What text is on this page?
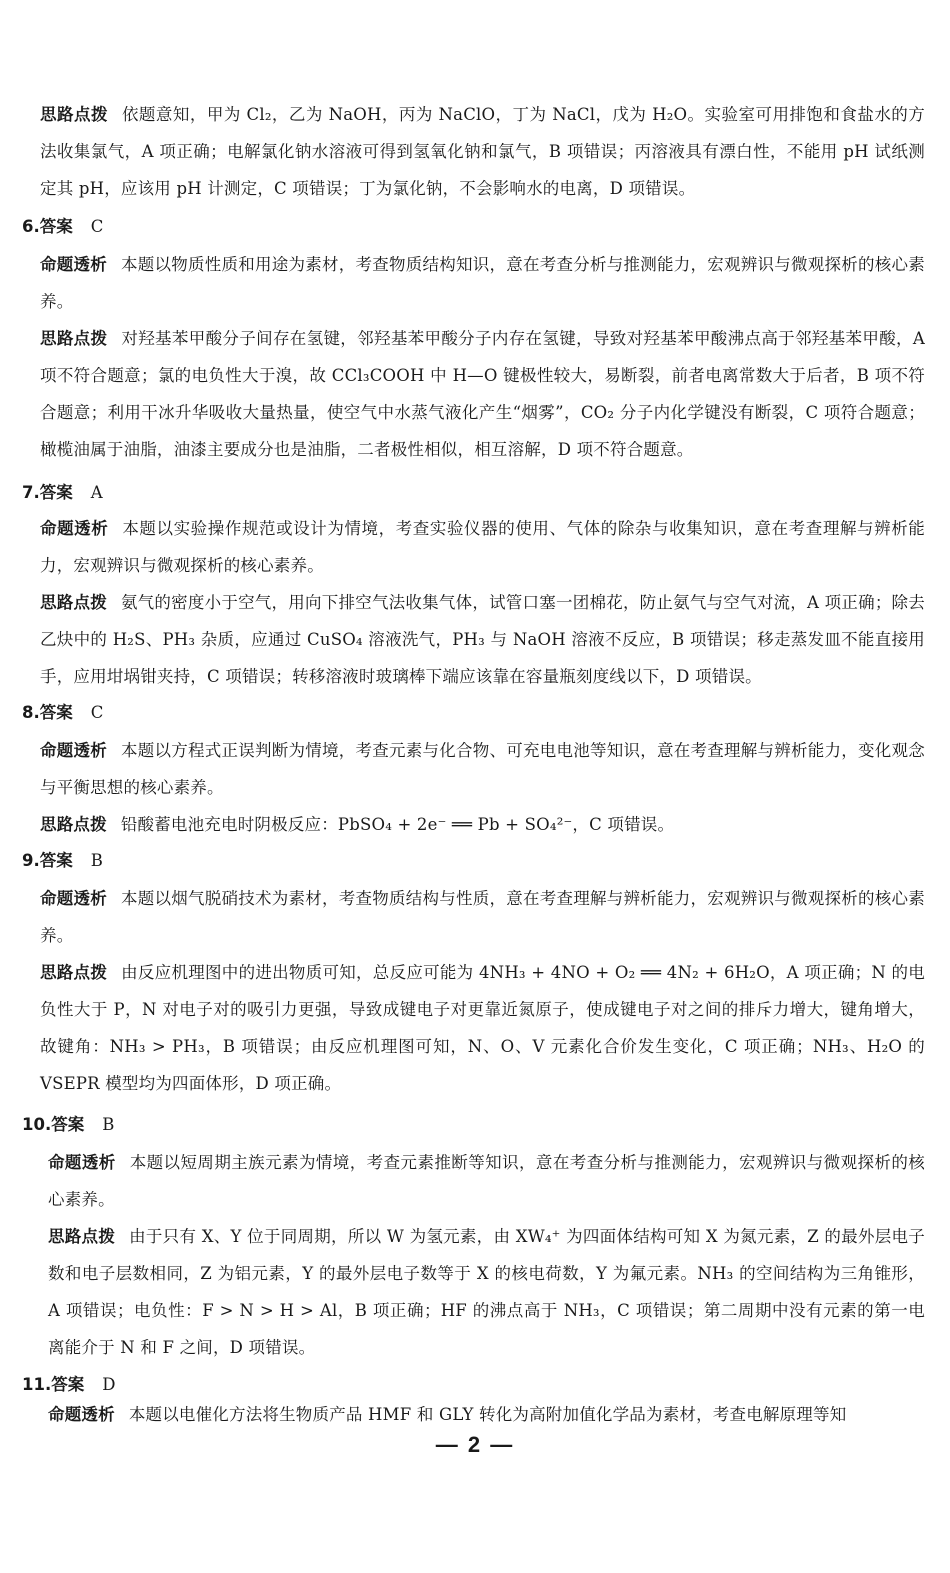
思路点拨 依题意知，甲为 Cl₂，乙为 NaOH，丙为 NaClO，丁为 NaCl，戊为 H₂O。实验室可用排饱和食盐水的方法收集氯气，A 项正确；电解氯化钠水溶液可得到氢氧化钠和氯气，B 项错误；丙溶液具有漂白性，不能用 pH 试纸测定其 pH，应该用 pH 计测定，C 项错误；丁为氯化钠，不会影响水的电离，D 项错误。

6.答案 C

命题透析 本题以物质性质和用途为素材，考查物质结构知识，意在考查分析与推测能力，宏观辨识与微观探析的核心素养。

思路点拨 对羟基苯甲酸分子间存在氢键，邻羟基苯甲酸分子内存在氢键，导致对羟基苯甲酸沸点高于邻羟基苯甲酸，A 项不符合题意；氯的电负性大于溴，故 CCl₃COOH 中 H—O 键极性较大，易断裂，前者电离常数大于后者，B 项不符合题意；利用干冰升华吸收大量热量，使空气中水蒸气液化产生“烟雾”，CO₂ 分子内化学键没有断裂，C 项符合题意；橄榄油属于油脂，油漆主要成分也是油脂，二者极性相似，相互溶解，D 项不符合题意。

7.答案 A

命题透析 本题以实验操作规范或设计为情境，考查实验仪器的使用、气体的除杂与收集知识，意在考查理解与辨析能力，宏观辨识与微观探析的核心素养。

思路点拨 氨气的密度小于空气，用向下排空气法收集气体，试管口塞一团棉花，防止氨气与空气对流，A 项正确；除去乙炔中的 H₂S、PH₃ 杂质，应通过 CuSO₄ 溶液洗气，PH₃ 与 NaOH 溶液不反应，B 项错误；移走蒸发皿不能直接用手，应用坩埚钳夹持，C 项错误；转移溶液时玻璃棒下端应该靠在容量瓶刻度线以下，D 项错误。

8.答案 C

命题透析 本题以方程式正误判断为情境，考查元素与化合物、可充电电池等知识，意在考查理解与辨析能力，变化观念与平衡思想的核心素养。

思路点拨 铅酸蓄电池充电时阴极反应：PbSO₄ + 2e⁻ ══ Pb + SO₄²⁻，C 项错误。

9.答案 B

命题透析 本题以烟气脱硝技术为素材，考查物质结构与性质，意在考查理解与辨析能力，宏观辨识与微观探析的核心素养。

思路点拨 由反应机理图中的进出物质可知，总反应可能为 4NH₃ + 4NO + O₂ ══ 4N₂ + 6H₂O，A 项正确；N 的电负性大于 P，N 对电子对的吸引力更强，导致成键电子对更靠近氮原子，使成键电子对之间的排斥力增大，键角增大，故键角：NH₃ > PH₃，B 项错误；由反应机理图可知，N、O、V 元素化合价发生变化，C 项正确；NH₃、H₂O 的 VSEPR 模型均为四面体形，D 项正确。

10.答案 B

命题透析 本题以短周期主族元素为情境，考查元素推断等知识，意在考查分析与推测能力，宏观辨识与微观探析的核心素养。

思路点拨 由于只有 X、Y 位于同周期，所以 W 为氢元素，由 XW₄⁺ 为四面体结构可知 X 为氮元素，Z 的最外层电子数和电子层数相同，Z 为铝元素，Y 的最外层电子数等于 X 的核电荷数，Y 为氟元素。NH₃ 的空间结构为三角锥形，A 项错误；电负性：F > N > H > Al，B 项正确；HF 的沸点高于 NH₃，C 项错误；第二周期中没有元素的第一电离能介于 N 和 F 之间，D 项错误。

11.答案 D

命题透析 本题以电催化方法将生物质产品 HMF 和 GLY 转化为高附加值化学品为素材，考查电解原理等知

— 2 —
